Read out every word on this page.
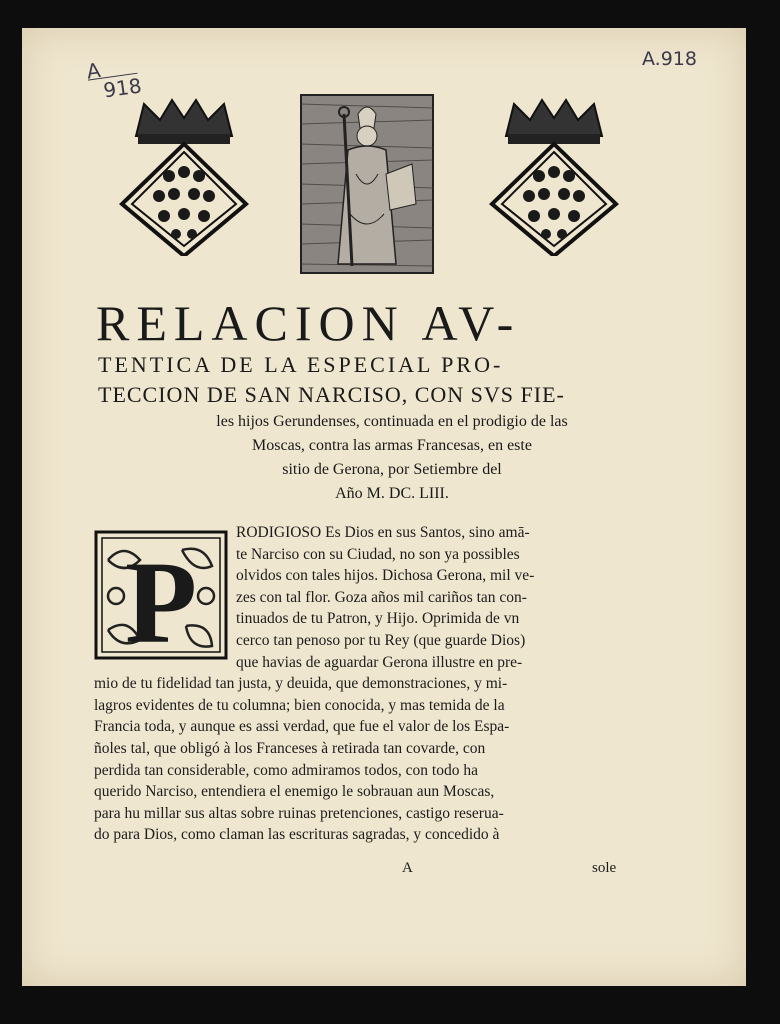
A
918
A.918
RELACION AV-
TENTICA DE LA ESPECIAL PRO-
TECCION DE SAN NARCISO, CON SVS FIE-
les hijos Gerundenses, continuada en el prodigio de las
Moscas, contra las armas Francesas, en este
sitio de Gerona, por Setiembre del
Año M. DC. LIII.
P
RODIGIOSO Es Dios en sus Santos, sino amā-
te Narciso con su Ciudad, no son ya possibles
olvidos con tales hijos. Dichosa Gerona, mil ve-
zes con tal flor. Goza años mil cariños tan con-
tinuados de tu Patron, y Hijo. Oprimida de vn
cerco tan penoso por tu Rey (que guarde Dios)
que havias de aguardar Gerona illustre en pre-
mio de tu fidelidad tan justa, y deuida, que demonstraciones, y mi-
lagros evidentes de tu columna; bien conocida, y mas temida de la
Francia toda, y aunque es assi verdad, que fue el valor de los Espa-
ñoles tal, que obligó à los Franceses à retirada tan covarde, con
perdida tan considerable, como admiramos todos, con todo ha
querido Narciso, entendiera el enemigo le sobrauan aun Moscas,
para hu millar sus altas sobre ruinas pretenciones, castigo reserua-
do para Dios, como claman las escrituras sagradas, y concedido à
A	sole
